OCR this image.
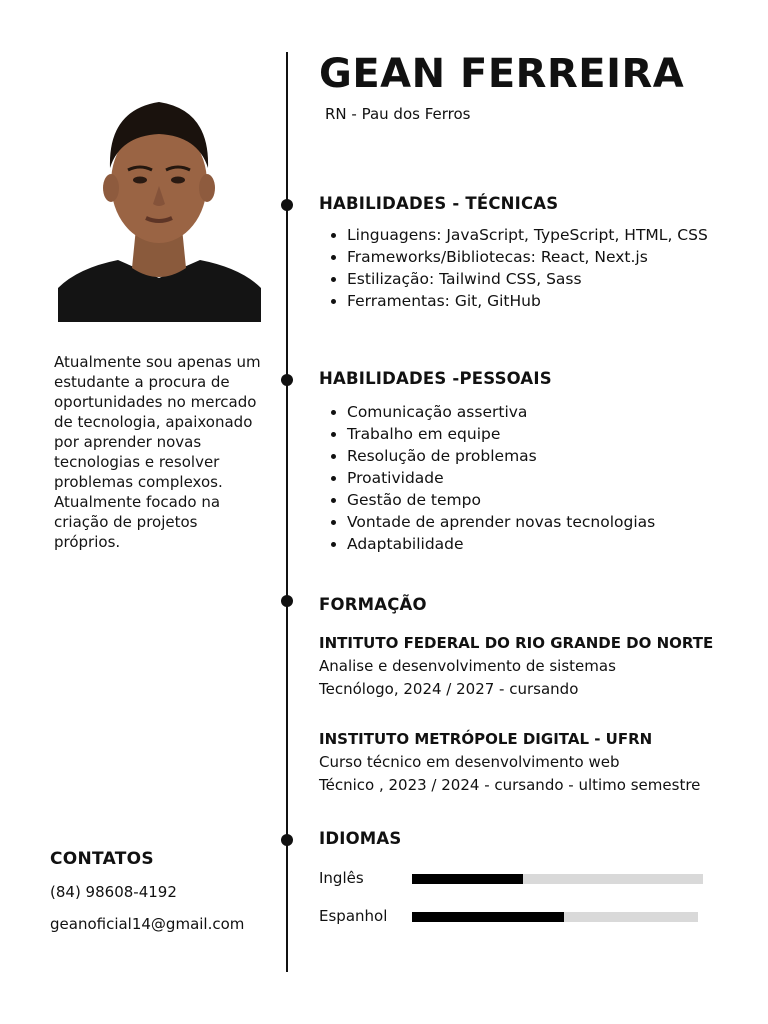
Atualmente sou apenas um estudante a procura de oportunidades no mercado de tecnologia, apaixonado por aprender novas tecnologias e resolver problemas complexos. Atualmente focado na criação de projetos próprios.
CONTATOS
(84) 98608-4192
geanoficial14@gmail.com
GEAN FERREIRA
RN - Pau dos Ferros
HABILIDADES - TÉCNICAS
• Linguagens: JavaScript, TypeScript, HTML, CSS
• Frameworks/Bibliotecas: React, Next.js
• Estilização: Tailwind CSS, Sass
• Ferramentas: Git, GitHub
HABILIDADES -PESSOAIS
• Comunicação assertiva
• Trabalho em equipe
• Resolução de problemas
• Proatividade
• Gestão de tempo
• Vontade de aprender novas tecnologias
• Adaptabilidade
FORMAÇÃO
INTITUTO FEDERAL DO RIO GRANDE DO NORTE
Analise e desenvolvimento de sistemas
Tecnólogo, 2024 / 2027 - cursando
INSTITUTO METRÓPOLE DIGITAL - UFRN
Curso técnico em desenvolvimento web
Técnico , 2023 / 2024 - cursando - ultimo semestre
IDIOMAS
Inglês
Espanhol
